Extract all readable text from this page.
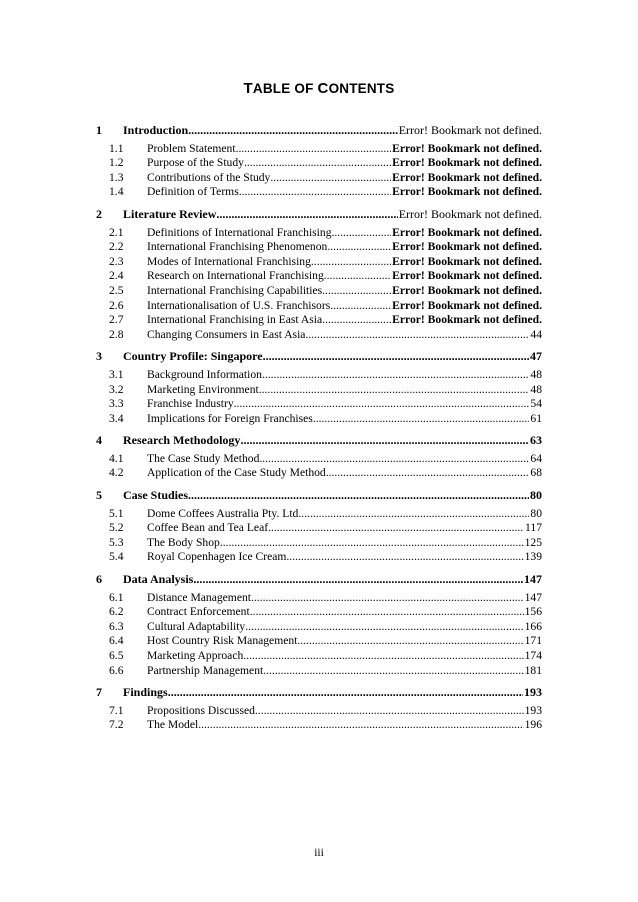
TABLE OF CONTENTS
1	Introduction .....	Error! Bookmark not defined.
1.1	Problem Statement .....	Error! Bookmark not defined.
1.2	Purpose of the Study .....	Error! Bookmark not defined.
1.3	Contributions of the Study .....	Error! Bookmark not defined.
1.4	Definition of Terms .....	Error! Bookmark not defined.
2	Literature Review .....	Error! Bookmark not defined.
2.1	Definitions of International Franchising .....	Error! Bookmark not defined.
2.2	International Franchising Phenomenon .....	Error! Bookmark not defined.
2.3	Modes of International Franchising .....	Error! Bookmark not defined.
2.4	Research on International Franchising .....	Error! Bookmark not defined.
2.5	International Franchising Capabilities .....	Error! Bookmark not defined.
2.6	Internationalisation of U.S. Franchisors .....	Error! Bookmark not defined.
2.7	International Franchising in East Asia .....	Error! Bookmark not defined.
2.8	Changing Consumers in East Asia .....	44
3	Country Profile: Singapore .....	47
3.1	Background Information .....	48
3.2	Marketing Environment .....	48
3.3	Franchise Industry .....	54
3.4	Implications for Foreign Franchises .....	61
4	Research Methodology .....	63
4.1	The Case Study Method .....	64
4.2	Application of the Case Study Method .....	68
5	Case Studies .....	80
5.1	Dome Coffees Australia Pty. Ltd. .....	80
5.2	Coffee Bean and Tea Leaf .....	117
5.3	The Body Shop .....	125
5.4	Royal Copenhagen Ice Cream .....	139
6	Data Analysis .....	147
6.1	Distance Management .....	147
6.2	Contract Enforcement .....	156
6.3	Cultural Adaptability .....	166
6.4	Host Country Risk Management .....	171
6.5	Marketing Approach .....	174
6.6	Partnership Management .....	181
7	Findings .....	193
7.1	Propositions Discussed .....	193
7.2	The Model .....	196
iii
